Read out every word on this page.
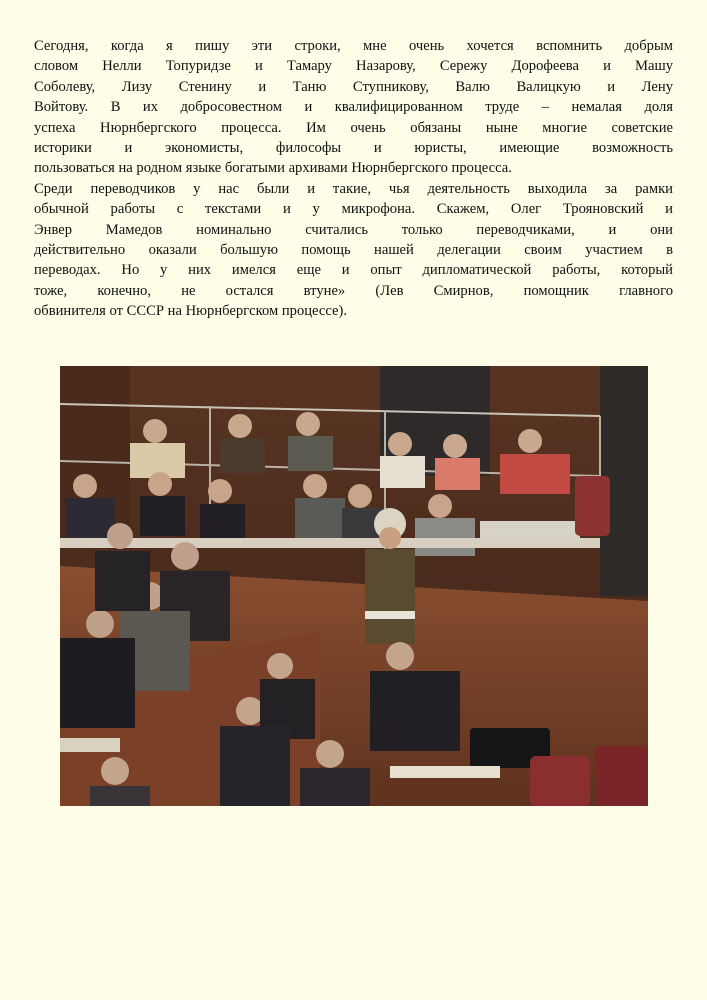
Сегодня, когда я пишу эти строки, мне очень хочется вспомнить добрым

словом Нелли Топуридзе и Тамару Назарову, Сережу Дорофеева и Машу

Соболеву, Лизу Стенину и Таню Ступникову, Валю Валицкую и Лену

Войтову. В их добросовестном и квалифицированном труде – немалая доля

успеха Нюрнбергского процесса. Им очень обязаны ныне многие советские

историки и экономисты, философы и юристы, имеющие возможность

пользоваться на родном языке богатыми архивами Нюрнбергского процесса.

Среди переводчиков у нас были и такие, чья деятельность выходила за рамки

обычной работы с текстами и у микрофона. Скажем, Олег Трояновский и

Энвер Мамедов номинально считались только переводчиками, и они

действительно оказали большую помощь нашей делегации своим участием в

переводах. Но у них имелся еще и опыт дипломатической работы, который

тоже, конечно, не остался втуне» (Лев Смирнов, помощник главного

обвинителя от СССР на Нюрнбергском процессе).
